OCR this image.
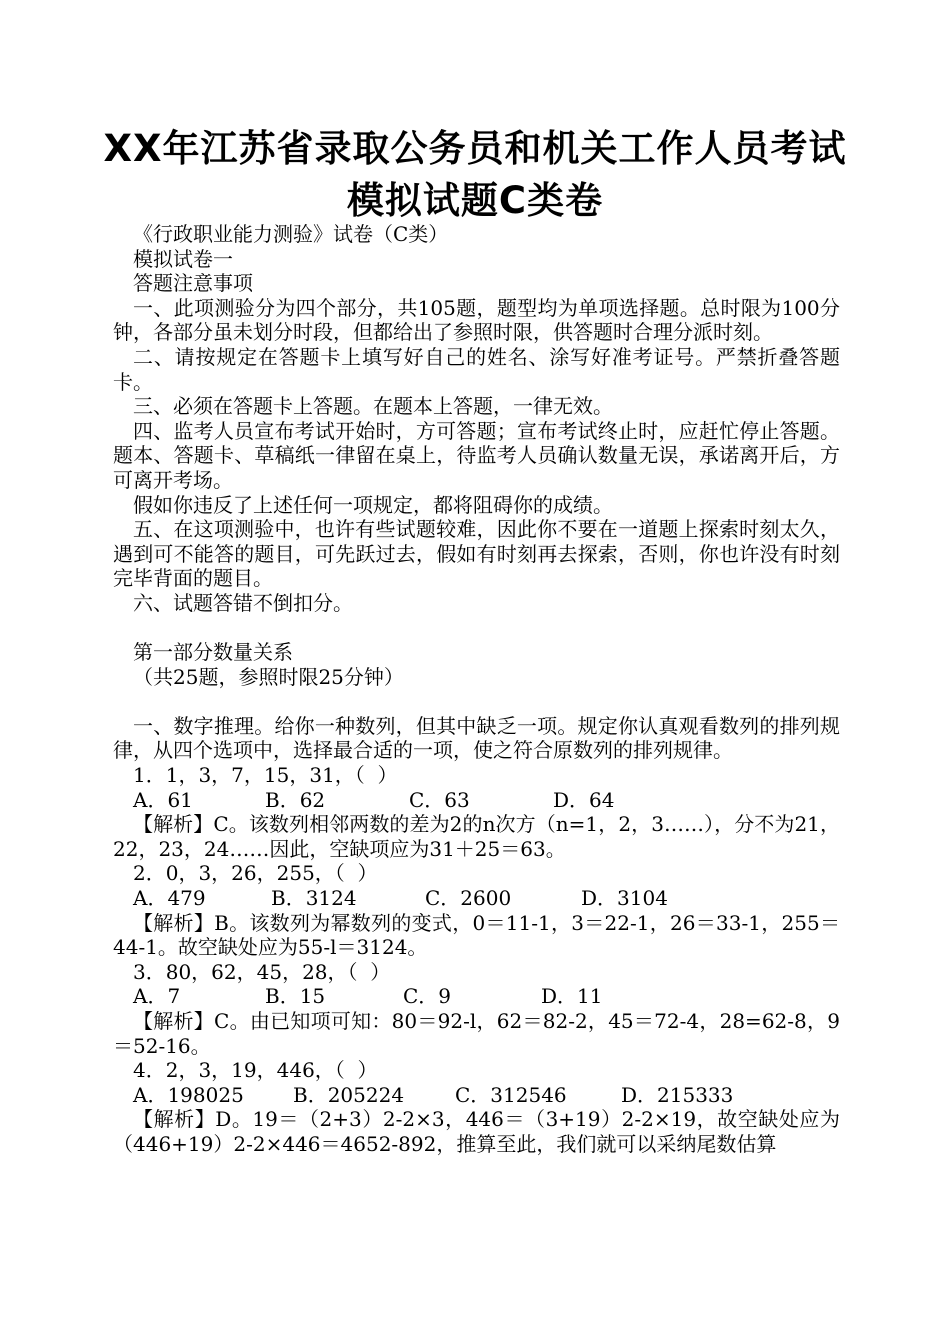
XX年江苏省录取公务员和机关工作人员考试
模拟试题C类卷

《行政职业能力测验》试卷（C类）

模拟试卷一

答题注意事项

一、此项测验分为四个部分，共105题，题型均为单项选择题。总时限为100分钟，各部分虽未划分时段，但都给出了参照时限，供答题时合理分派时刻。

二、请按规定在答题卡上填写好自己的姓名、涂写好准考证号。严禁折叠答题卡。

三、必须在答题卡上答题。在题本上答题，一律无效。

四、监考人员宣布考试开始时，方可答题；宣布考试终止时，应赶忙停止答题。题本、答题卡、草稿纸一律留在桌上，待监考人员确认数量无误，承诺离开后，方可离开考场。

假如你违反了上述任何一项规定，都将阻碍你的成绩。

五、在这项测验中，也许有些试题较难，因此你不要在一道题上探索时刻太久，遇到可不能答的题目，可先跃过去，假如有时刻再去探索，否则，你也许没有时刻完毕背面的题目。

六、试题答错不倒扣分。

第一部分数量关系

（共25题，参照时限25分钟）

一、数字推理。给你一种数列，但其中缺乏一项。规定你认真观看数列的排列规律，从四个选项中，选择最合适的一项，使之符合原数列的排列规律。

1．1，3，7，15，31，（  ）

A．61	B．62	C．63	D．64

【解析】C。该数列相邻两数的差为2的n次方（n=1，2，3……），分不为21，22，23，24……因此，空缺项应为31＋25＝63。

2．0，3，26，255，（  ）

A．479	B．3124	C．2600	D．3104

【解析】B。该数列为幂数列的变式，0＝11-1，3＝22-1，26＝33-1，255＝44-1。故空缺处应为55-l＝3124。

3．80，62，45，28，（  ）

A．7	B．15	C．9	D．11

【解析】C。由已知项可知：80＝92-l，62＝82-2，45＝72-4，28=62-8，9＝52-16。

4．2，3，19，446，（  ）

A．198025	B．205224	C．312546	D．215333

【解析】D。19＝（2+3）2-2×3，446＝（3+19）2-2×19，故空缺处应为（446+19）2-2×446＝4652-892，推算至此，我们就可以采纳尾数估算
